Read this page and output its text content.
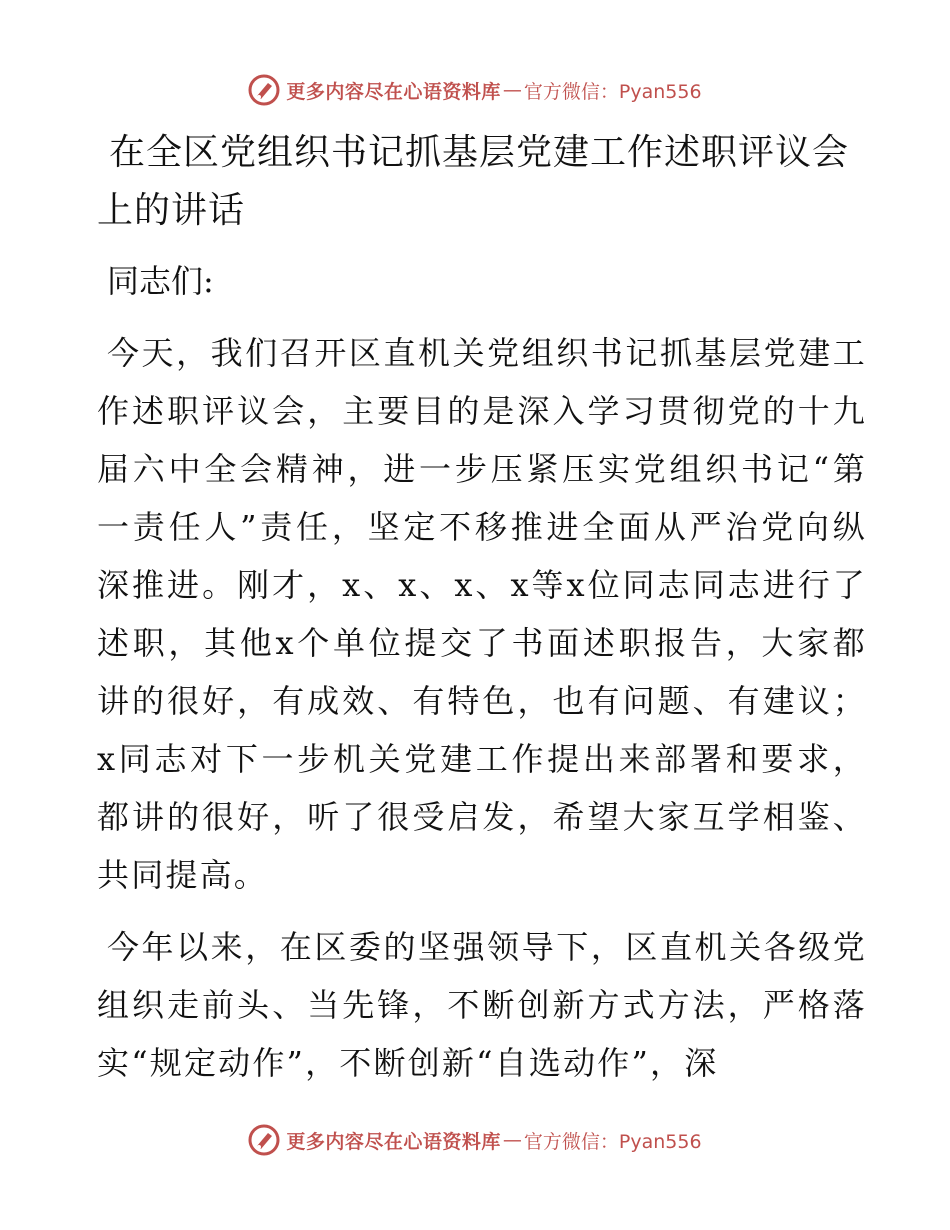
更多内容尽在心语资料库 — 官方微信：Pyan556
在全区党组织书记抓基层党建工作述职评议会上的讲话
同志们:

今天，我们召开区直机关党组织书记抓基层党建工作述职评议会，主要目的是深入学习贯彻党的十九届六中全会精神，进一步压紧压实党组织书记“第一责任人”责任，坚定不移推进全面从严治党向纵深推进。刚才，x、x、x、x等x位同志同志进行了述职，其他x个单位提交了书面述职报告，大家都讲的很好，有成效、有特色，也有问题、有建议；x同志对下一步机关党建工作提出来部署和要求，都讲的很好，听了很受启发，希望大家互学相鉴、共同提高。

今年以来，在区委的坚强领导下，区直机关各级党组织走前头、当先锋，不断创新方式方法，严格落实“规定动作”，不断创新“自选动作”，深

更多内容尽在心语资料库 — 官方微信：Pyan556
